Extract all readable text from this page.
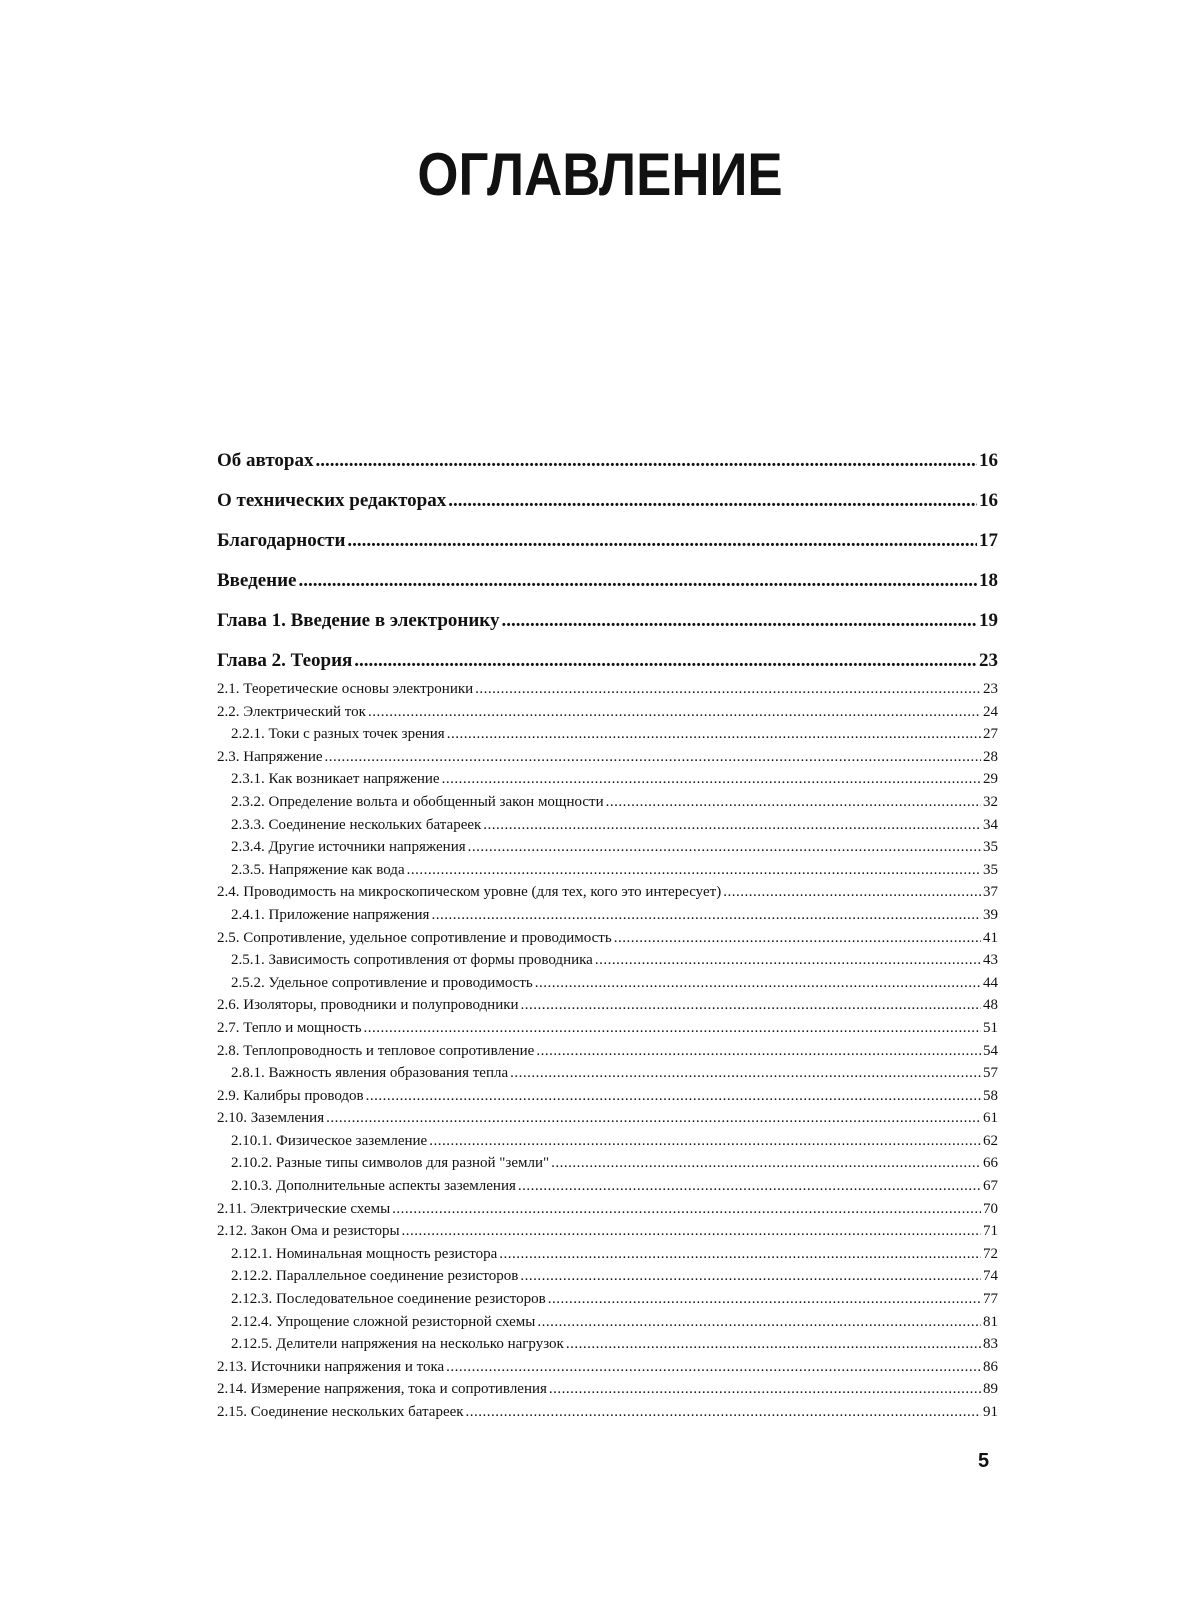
ОГЛАВЛЕНИЕ
Об авторах .....	16
О технических редакторах .....	16
Благодарности .....	17
Введение .....	18
Глава 1. Введение в электронику .....	19
Глава 2. Теория .....	23
2.1. Теоретические основы электроники .....	23
2.2. Электрический ток .....	24
2.2.1. Токи с разных точек зрения .....	27
2.3. Напряжение .....	28
2.3.1. Как возникает напряжение .....	29
2.3.2. Определение вольта и обобщенный закон мощности .....	32
2.3.3. Соединение нескольких батареек .....	34
2.3.4. Другие источники напряжения .....	35
2.3.5. Напряжение как вода .....	35
2.4. Проводимость на микроскопическом уровне (для тех, кого это интересует) .....	37
2.4.1. Приложение напряжения .....	39
2.5. Сопротивление, удельное сопротивление и проводимость .....	41
2.5.1. Зависимость сопротивления от формы проводника .....	43
2.5.2. Удельное сопротивление и проводимость .....	44
2.6. Изоляторы, проводники и полупроводники .....	48
2.7. Тепло и мощность .....	51
2.8. Теплопроводность и тепловое сопротивление .....	54
2.8.1. Важность явления образования тепла .....	57
2.9. Калибры проводов .....	58
2.10. Заземления .....	61
2.10.1. Физическое заземление .....	62
2.10.2. Разные типы символов для разной "земли" .....	66
2.10.3. Дополнительные аспекты заземления .....	67
2.11. Электрические схемы .....	70
2.12. Закон Ома и резисторы .....	71
2.12.1. Номинальная мощность резистора .....	72
2.12.2. Параллельное соединение резисторов .....	74
2.12.3. Последовательное соединение резисторов .....	77
2.12.4. Упрощение сложной резисторной схемы .....	81
2.12.5. Делители напряжения на несколько нагрузок .....	83
2.13. Источники напряжения и тока .....	86
2.14. Измерение напряжения, тока и сопротивления .....	89
2.15. Соединение нескольких батареек .....	91
5
